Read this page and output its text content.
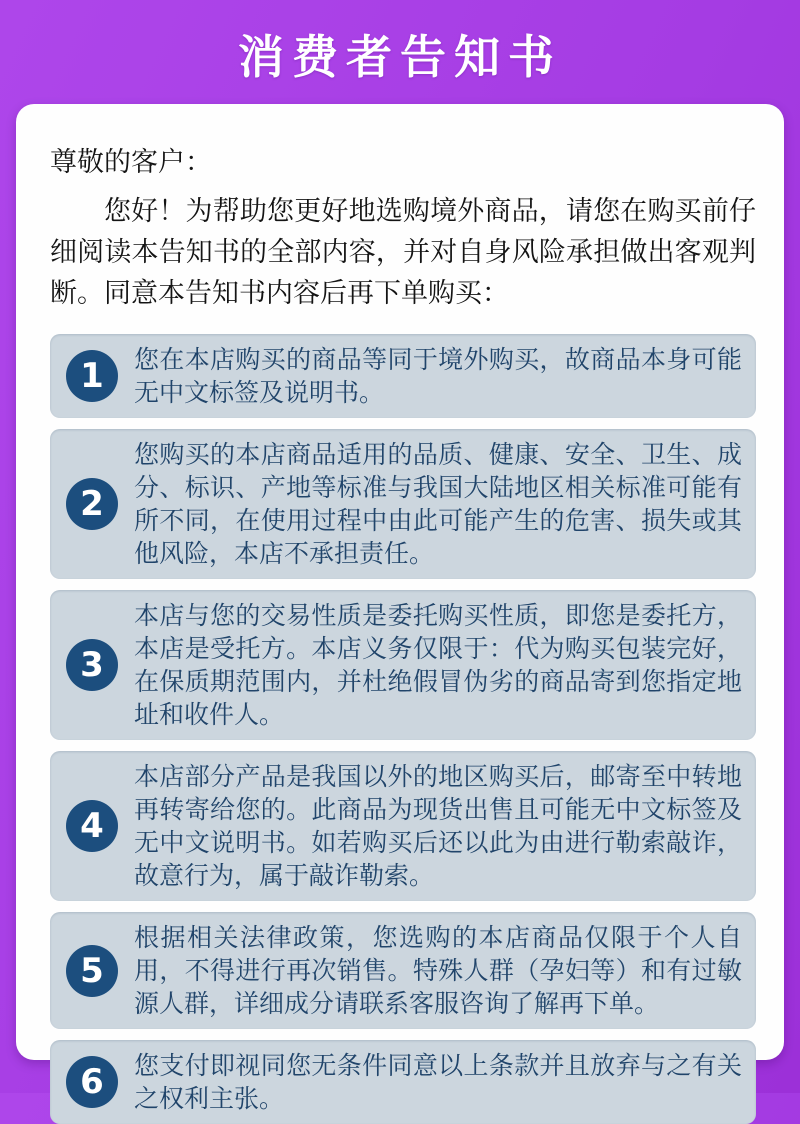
消费者告知书

尊敬的客户：

您好！为帮助您更好地选购境外商品，请您在购买前仔细阅读本告知书的全部内容，并对自身风险承担做出客观判断。同意本告知书内容后再下单购买：

1	您在本店购买的商品等同于境外购买，故商品本身可能无中文标签及说明书。
2
您购买的本店商品适用的品质、健康、安全、卫生、成分、标识、产地等标准与我国大陆地区相关标准可能有所不同，在使用过程中由此可能产生的危害、损失或其他风险，本店不承担责任。
3
本店与您的交易性质是委托购买性质，即您是委托方，本店是受托方。本店义务仅限于：代为购买包装完好，在保质期范围内，并杜绝假冒伪劣的商品寄到您指定地址和收件人。
4
本店部分产品是我国以外的地区购买后，邮寄至中转地再转寄给您的。此商品为现货出售且可能无中文标签及无中文说明书。如若购买后还以此为由进行勒索敲诈，故意行为，属于敲诈勒索。
5
根据相关法律政策，您选购的本店商品仅限于个人自用，不得进行再次销售。特殊人群（孕妇等）和有过敏源人群，详细成分请联系客服咨询了解再下单。
6	您支付即视同您无条件同意以上条款并且放弃与之有关之权利主张。
